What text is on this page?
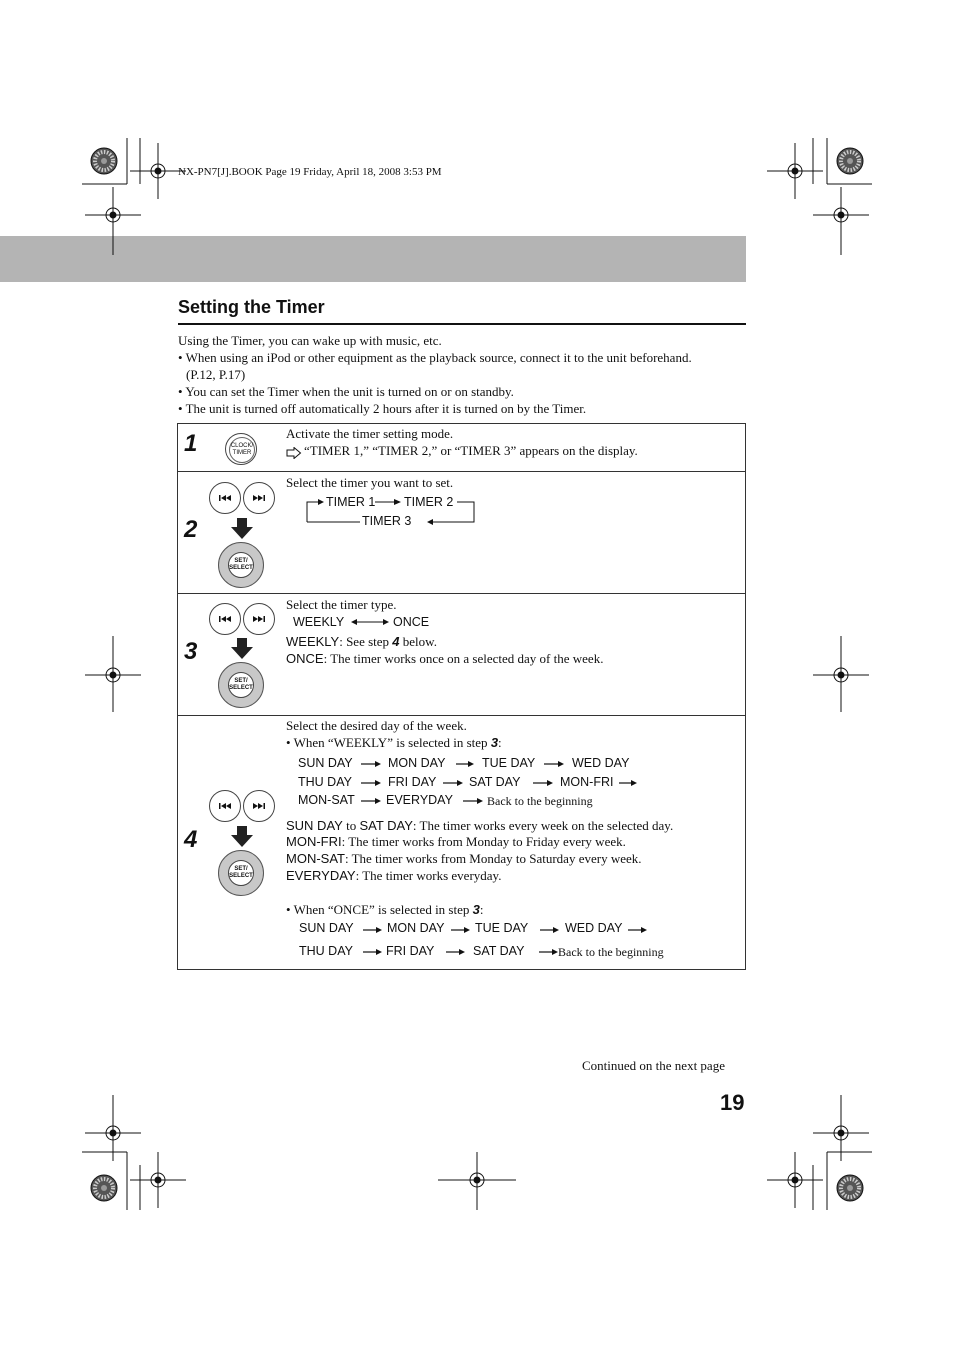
NX-PN7[J].BOOK Page 19 Friday, April 18, 2008 3:53 PM
Setting the Timer
Using the Timer, you can wake up with music, etc.
• When using an iPod or other equipment as the playback source, connect it to the unit beforehand.
(P.12, P.17)
• You can set the Timer when the unit is turned on or on standby.
• The unit is turned off automatically 2 hours after it is turned on by the Timer.
1	CLOCK/ TIMER
Activate the timer setting mode.
“TIMER 1,” “TIMER 2,” or “TIMER 3” appears on the display.
2
SET/ SELECT
Select the timer you want to set.
TIMER 1 TIMER 2
TIMER 3
3
SET/ SELECT
Select the timer type.
WEEKLY	ONCE
WEEKLY: See step 4 below.
ONCE: The timer works once on a selected day of the week.
4
SET/ SELECT
Select the desired day of the week.
• When “WEEKLY” is selected in step 3:
SUN DAY	MON DAY	TUE DAY	WED DAY
THU DAY	FRI DAY	SAT DAY	MON-FRI
MON-SAT	EVERYDAY	Back to the beginning
SUN DAY to SAT DAY: The timer works every week on the selected day.
MON-FRI: The timer works from Monday to Friday every week.
MON-SAT: The timer works from Monday to Saturday every week.
EVERYDAY: The timer works everyday.
• When “ONCE” is selected in step 3:
SUN DAY	MON DAY TUE DAY	WED DAY
THU DAY	FRI DAY	SAT DAY	Back to the beginning
Continued on the next page
19
